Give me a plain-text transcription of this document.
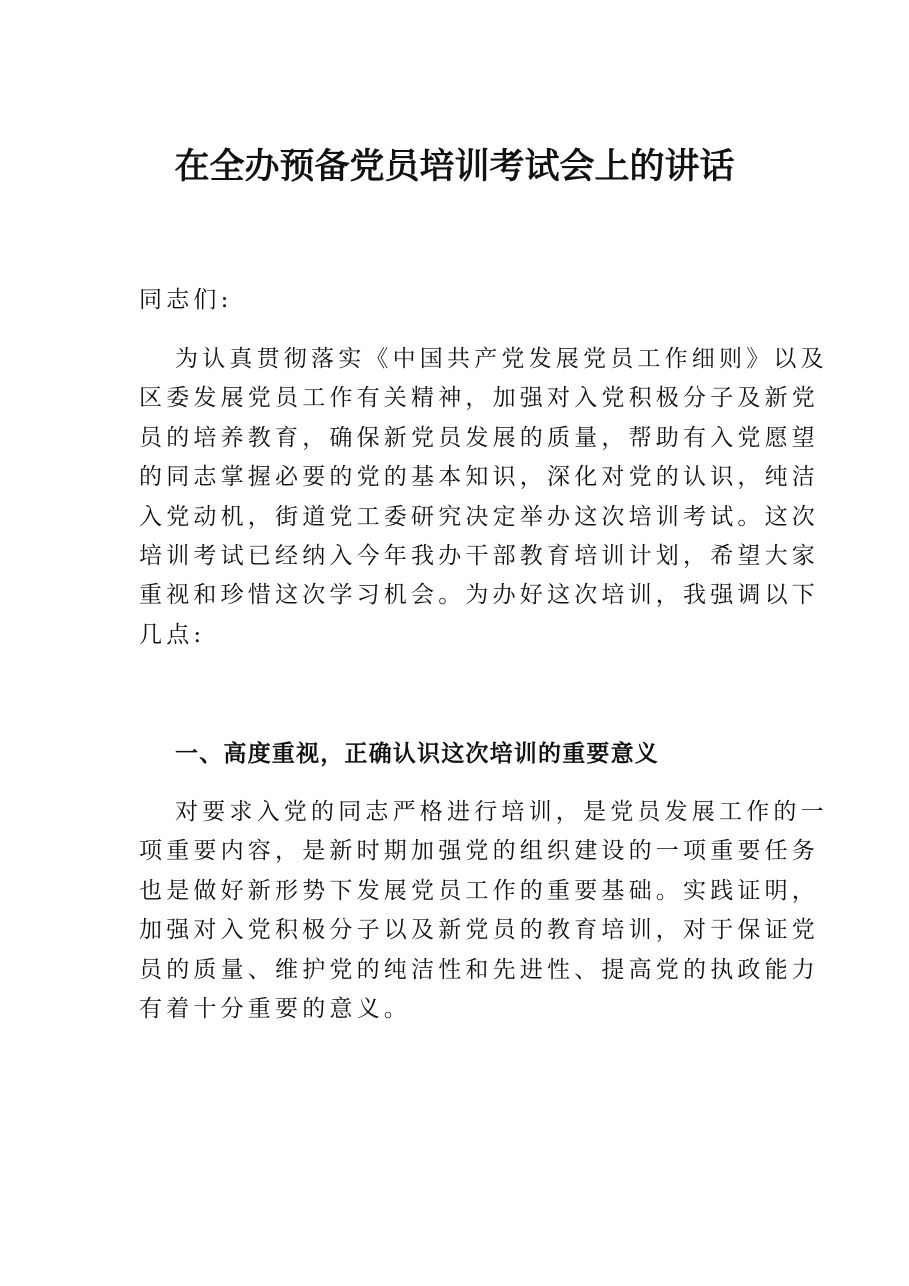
在全办预备党员培训考试会上的讲话
同志们:
为认真贯彻落实《中国共产党发展党员工作细则》以及
区委发展党员工作有关精神，加强对入党积极分子及新党
员的培养教育，确保新党员发展的质量，帮助有入党愿望
的同志掌握必要的党的基本知识，深化对党的认识，纯洁
入党动机，街道党工委研究决定举办这次培训考试。这次
培训考试已经纳入今年我办干部教育培训计划，希望大家
重视和珍惜这次学习机会。为办好这次培训，我强调以下
几点:
一、高度重视，正确认识这次培训的重要意义
对要求入党的同志严格进行培训，是党员发展工作的一
项重要内容，是新时期加强党的组织建设的一项重要任务
也是做好新形势下发展党员工作的重要基础。实践证明，
加强对入党积极分子以及新党员的教育培训，对于保证党
员的质量、维护党的纯洁性和先进性、提高党的执政能力
有着十分重要的意义。
